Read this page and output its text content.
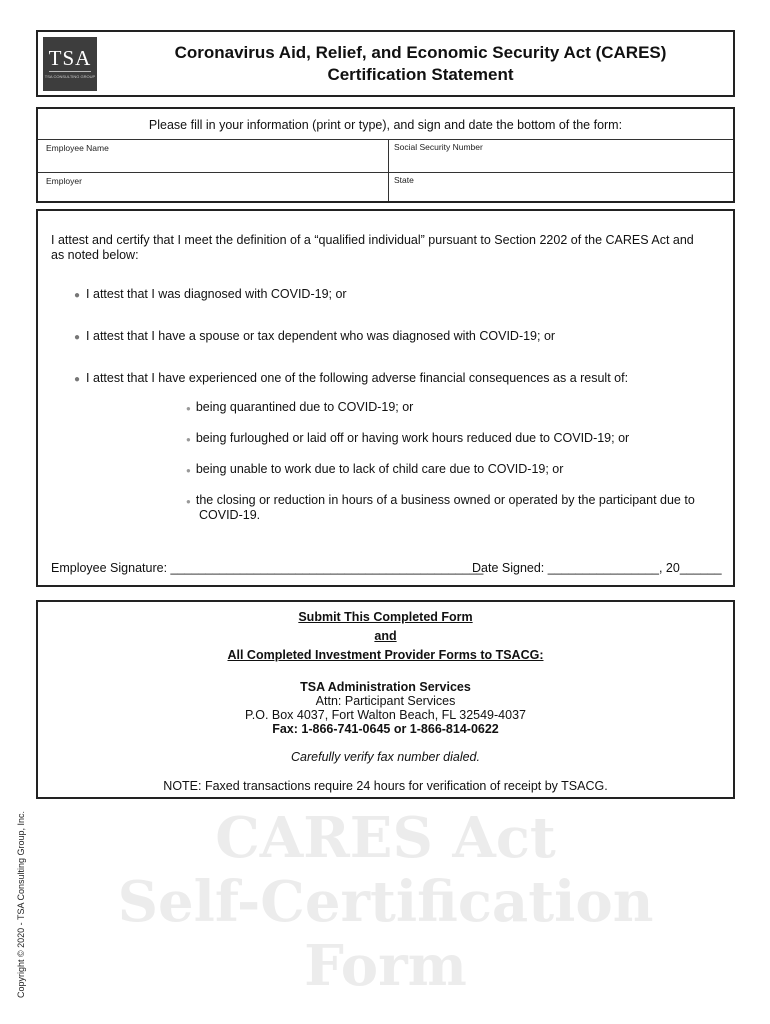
TSA
TSA CONSULTING GROUP
Coronavirus Aid, Relief, and Economic Security Act (CARES)
Certification Statement
Please fill in your information (print or type), and sign and date the bottom of the form:
Employee Name	Social Security Number
Employer	State
I attest and certify that I meet the definition of a “qualified individual” pursuant to Section 2202 of the CARES Act and
as noted below:
● I attest that I was diagnosed with COVID-19; or
● I attest that I have a spouse or tax dependent who was diagnosed with COVID-19; or
● I attest that I have experienced one of the following adverse financial consequences as a result of:
● being quarantined due to COVID-19; or
● being furloughed or laid off or having work hours reduced due to COVID-19; or
● being unable to work due to lack of child care due to COVID-19; or
● the closing or reduction in hours of a business owned or operated by the participant due to
COVID-19.
Employee Signature: _____________________________________________
Date Signed: ________________, 20______
Submit This Completed Form
and
All Completed Investment Provider Forms to TSACG:
TSA Administration Services
Attn: Participant Services
P.O. Box 4037, Fort Walton Beach, FL 32549-4037
Fax: 1-866-741-0645 or 1-866-814-0622
Carefully verify fax number dialed.
NOTE: Faxed transactions require 24 hours for verification of receipt by TSACG.
CARES Act
Self-Certification
Form
Copyright © 2020 - TSA Consulting Group, Inc.
